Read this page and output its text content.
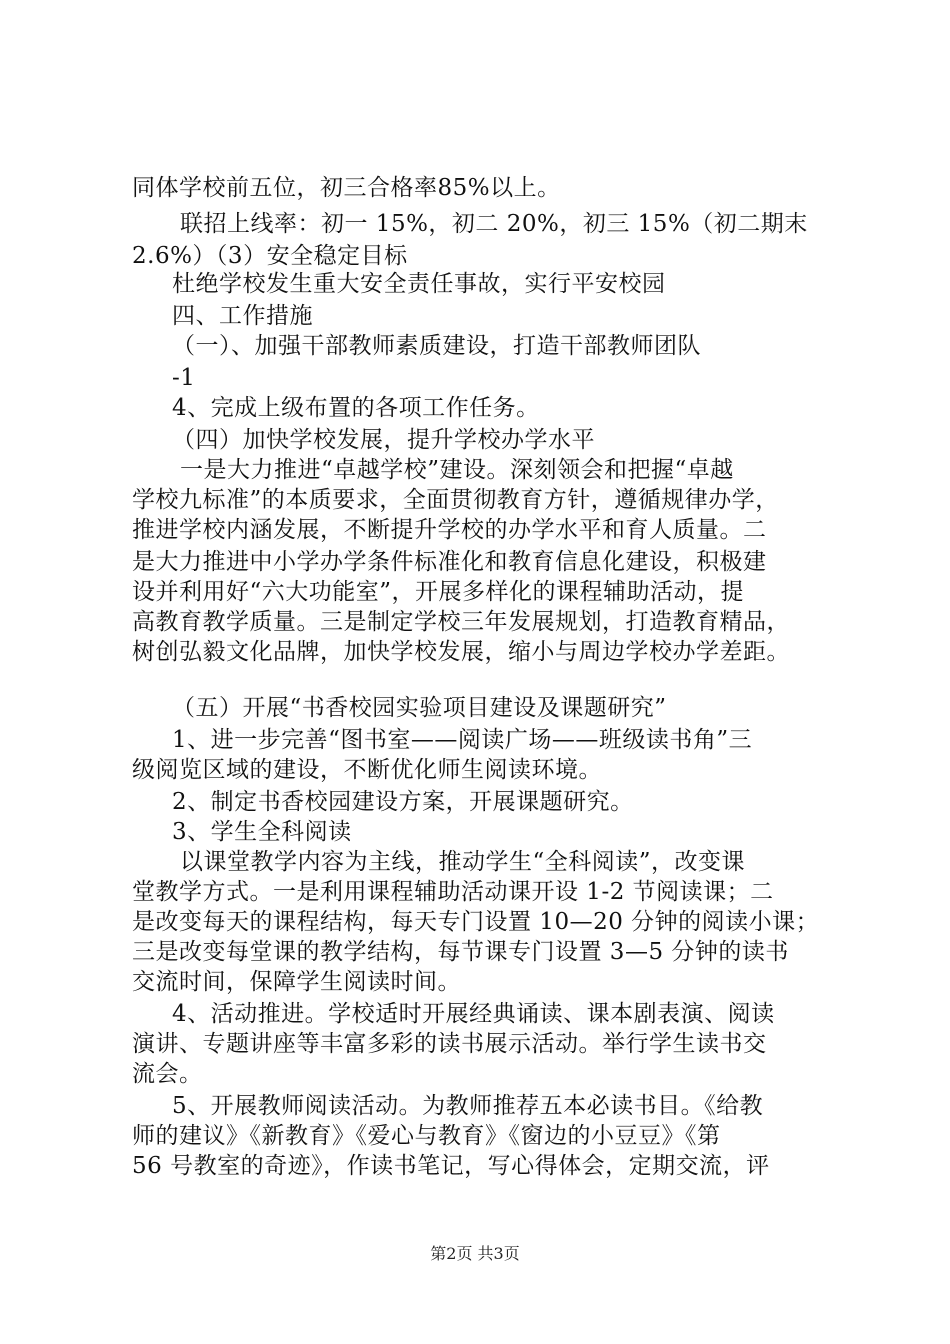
同体学校前五位，初三合格率85%以上。
联招上线率：初一 15%，初二 20%，初三 15%（初二期末
2.6%）（3）安全稳定目标
杜绝学校发生重大安全责任事故，实行平安校园
四、工作措施
（一）、加强干部教师素质建设，打造干部教师团队
-1
4、完成上级布置的各项工作任务。
（四）加快学校发展，提升学校办学水平
一是大力推进“卓越学校”建设。深刻领会和把握“卓越
学校九标准”的本质要求，全面贯彻教育方针，遵循规律办学，
推进学校内涵发展，不断提升学校的办学水平和育人质量。二
是大力推进中小学办学条件标准化和教育信息化建设，积极建
设并利用好“六大功能室”，开展多样化的课程辅助活动，提
高教育教学质量。三是制定学校三年发展规划，打造教育精品，
树创弘毅文化品牌，加快学校发展，缩小与周边学校办学差距。
（五）开展“书香校园实验项目建设及课题研究”
1、进一步完善“图书室——阅读广场——班级读书角”三
级阅览区域的建设，不断优化师生阅读环境。
2、制定书香校园建设方案，开展课题研究。
3、学生全科阅读
以课堂教学内容为主线，推动学生“全科阅读”，改变课
堂教学方式。一是利用课程辅助活动课开设 1-2 节阅读课；二
是改变每天的课程结构，每天专门设置 10—20 分钟的阅读小课；
三是改变每堂课的教学结构，每节课专门设置 3—5 分钟的读书
交流时间，保障学生阅读时间。
4、活动推进。学校适时开展经典诵读、课本剧表演、阅读
演讲、专题讲座等丰富多彩的读书展示活动。举行学生读书交
流会。
5、开展教师阅读活动。为教师推荐五本必读书目。《给教
师的建议》《新教育》《爱心与教育》《窗边的小豆豆》《第
56 号教室的奇迹》，作读书笔记，写心得体会，定期交流，评
第2页 共3页
